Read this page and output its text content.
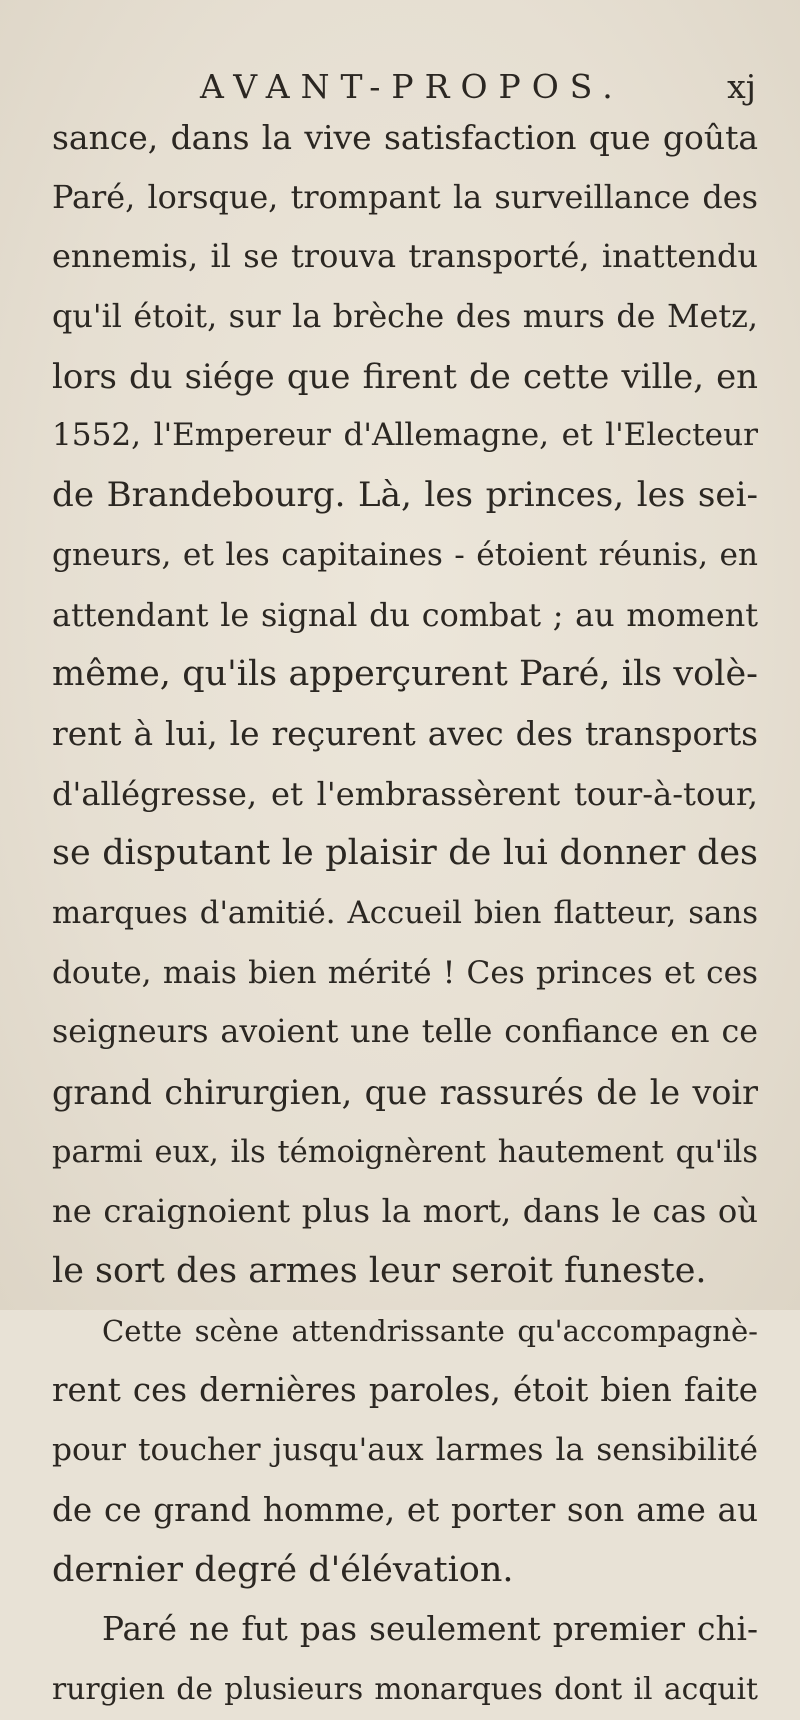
AVANT-PROPOS.	xj
sance, dans la vive satisfaction que goûta
Paré, lorsque, trompant la surveillance des
ennemis, il se trouva transporté, inattendu
qu'il étoit, sur la brèche des murs de Metz,
lors du siége que firent de cette ville, en
1552, l'Empereur d'Allemagne, et l'Electeur
de Brandebourg. Là, les princes, les sei-
gneurs, et les capitaines - étoient réunis, en
attendant le signal du combat ; au moment
même, qu'ils apperçurent Paré, ils volè-
rent à lui, le reçurent avec des transports
d'allégresse, et l'embrassèrent tour-à-tour,
se disputant le plaisir de lui donner des
marques d'amitié. Accueil bien flatteur, sans
doute, mais bien mérité ! Ces princes et ces
seigneurs avoient une telle confiance en ce
grand chirurgien, que rassurés de le voir
parmi eux, ils témoignèrent hautement qu'ils
ne craignoient plus la mort, dans le cas où
le sort des armes leur seroit funeste.
Cette scène attendrissante qu'accompagnè-
rent ces dernières paroles, étoit bien faite
pour toucher jusqu'aux larmes la sensibilité
de ce grand homme, et porter son ame au
dernier degré d'élévation.
Paré ne fut pas seulement premier chi-
rurgien de plusieurs monarques dont il acquit
